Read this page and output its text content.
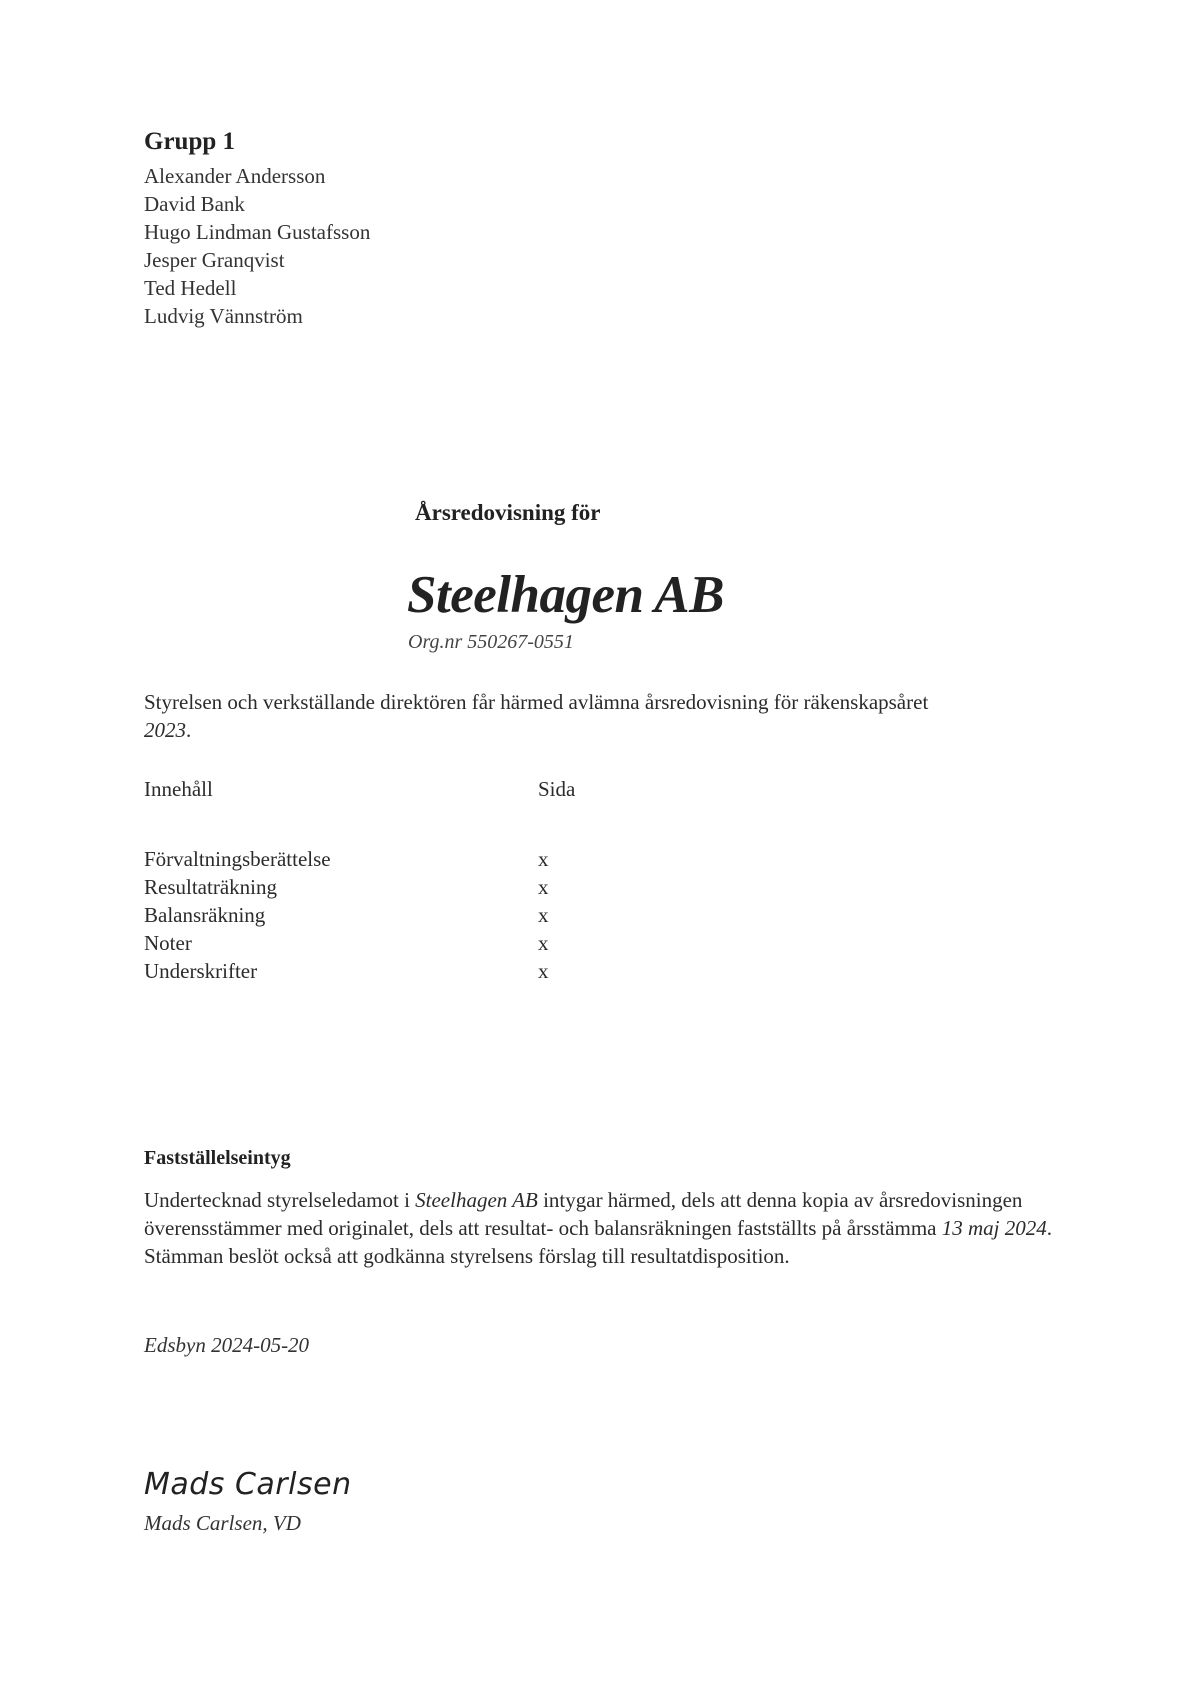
Grupp 1
Alexander Andersson
David Bank
Hugo Lindman Gustafsson
Jesper Granqvist
Ted Hedell
Ludvig Vännström
Årsredovisning för
Steelhagen AB
Org.nr 550267-0551
Styrelsen och verkställande direktören får härmed avlämna årsredovisning för räkenskapsåret
2023.
Innehåll	Sida
Förvaltningsberättelse	x
Resultaträkning	x
Balansräkning	x
Noter	x
Underskrifter	x
Fastställelseintyg
Undertecknad styrelseledamot i Steelhagen AB intygar härmed, dels att denna kopia av årsredovisningen överensstämmer med originalet, dels att resultat- och balansräkningen fastställts på årsstämma 13 maj 2024. Stämman beslöt också att godkänna styrelsens förslag till resultatdisposition.
Edsbyn 2024-05-20
Mads Carlsen
Mads Carlsen, VD
